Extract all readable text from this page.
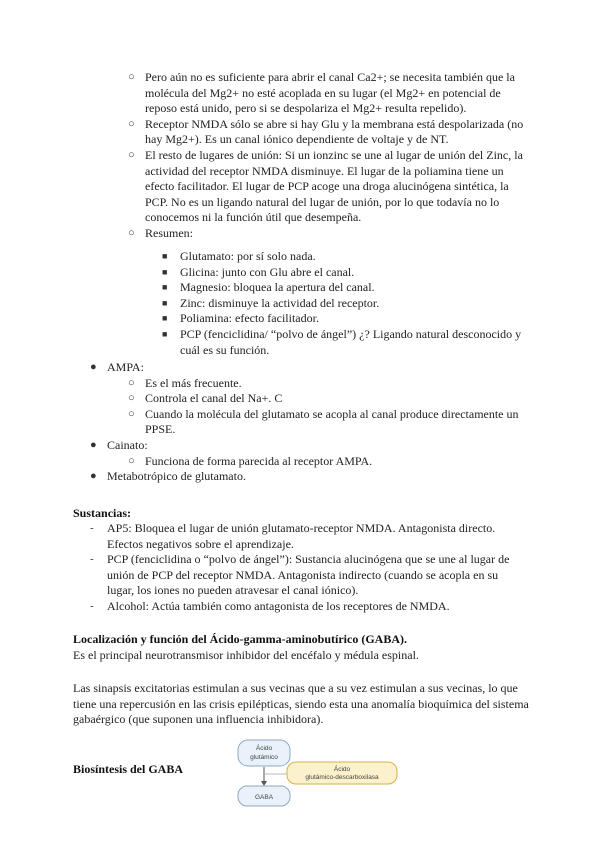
○ Pero aún no es suficiente para abrir el canal Ca2+; se necesita también que la molécula del Mg2+ no esté acoplada en su lugar (el Mg2+ en potencial de reposo está unido, pero si se despolariza el Mg2+ resulta repelido).
○ Receptor NMDA sólo se abre si hay Glu y la membrana está despolarizada (no hay Mg2+). Es un canal iónico dependiente de voltaje y de NT.
○ El resto de lugares de unión: Si un ionzinc se une al lugar de unión del Zinc, la actividad del receptor NMDA disminuye. El lugar de la poliamina tiene un efecto facilitador. El lugar de PCP acoge una droga alucinógena sintética, la PCP. No es un ligando natural del lugar de unión, por lo que todavía no lo conocemos ni la función útil que desempeña.
○ Resumen:
■ Glutamato: por sí solo nada.
■ Glicina: junto con Glu abre el canal.
■ Magnesio: bloquea la apertura del canal.
■ Zinc: disminuye la actividad del receptor.
■ Poliamina: efecto facilitador.
■ PCP (fenciclidina/ “polvo de ángel”) ¿? Ligando natural desconocido y cuál es su función.
● AMPA:
○ Es el más frecuente.
○ Controla el canal del Na+. C
○ Cuando la molécula del glutamato se acopla al canal produce directamente un PPSE.
● Cainato:
○ Funciona de forma parecida al receptor AMPA.
● Metabotrópico de glutamato.
Sustancias:
- AP5: Bloquea el lugar de unión glutamato-receptor NMDA. Antagonista directo. Efectos negativos sobre el aprendizaje.
- PCP (fenciclidina o “polvo de ángel”): Sustancia alucinógena que se une al lugar de unión de PCP del receptor NMDA. Antagonista indirecto (cuando se acopla en su lugar, los iones no pueden atravesar el canal iónico).
- Alcohol: Actúa también como antagonista de los receptores de NMDA.
Localización y función del Ácido-gamma-aminobutírico (GABA).
Es el principal neurotransmisor inhibidor del encéfalo y médula espinal.
Las sinapsis excitatorias estimulan a sus vecinas que a su vez estimulan a sus vecinas, lo que tiene una repercusión en las crisis epilépticas, siendo esta una anomalía bioquímica del sistema gabaérgico (que suponen una influencia inhibidora).
Biosíntesis del GABA
Ácido
glutámico
Ácido
glutámico-descarboxilasa
GABA
